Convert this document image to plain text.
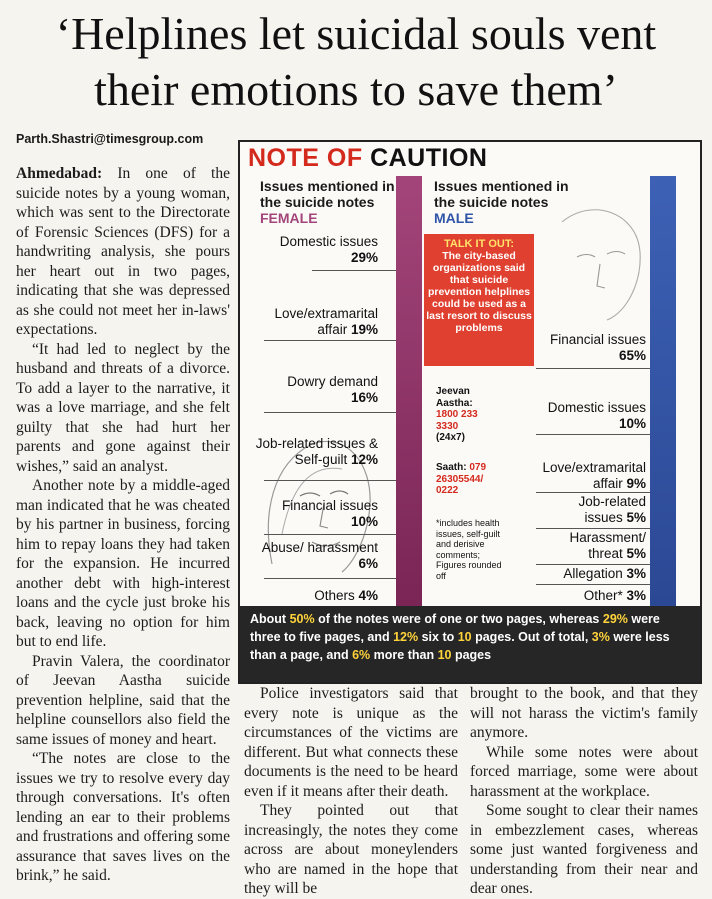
‘Helplines let suicidal souls vent
their emotions to save them’
Parth.Shastri@timesgroup.com

Ahmedabad: In one of the suicide notes by a young woman, which was sent to the Directorate of Forensic Sciences (DFS) for a handwriting analysis, she pours her heart out in two pages, indicating that she was depressed as she could not meet her in-laws' expectations.

“It had led to neglect by the husband and threats of a divorce. To add a layer to the narrative, it was a love marriage, and she felt guilty that she had hurt her parents and gone against their wishes,” said an analyst.

Another note by a middle-aged man indicated that he was cheated by his partner in business, forcing him to repay loans they had taken for the expansion. He incurred another debt with high-interest loans and the cycle just broke his back, leaving no option for him but to end life.

Pravin Valera, the coordinator of Jeevan Aastha suicide prevention helpline, said that the helpline counsellors also field the same issues of money and heart.

“The notes are close to the issues we try to resolve every day through conversations. It's often lending an ear to their problems and frustrations and offering some assurance that saves lives on the brink,” he said.

NOTE OF CAUTION
Issues mentioned in the suicide notes FEMALE
Issues mentioned in the suicide notes MALE
Domestic issues 29%
Love/extramarital affair 19%
Dowry demand 16%
Job-related issues & Self-guilt 12%
Financial issues 10%
Abuse/ harassment 6%
Others 4%
TALK IT OUT:
The city-based organizations said that suicide prevention helplines could be used as a last resort to discuss problems
Jeevan Aastha:
1800 233 3330
(24x7)
Saath: 079 26305544/ 0222
*includes health issues, self-guilt and derisive comments; Figures rounded off
Financial issues 65%
Domestic issues 10%
Love/extramarital affair 9%
Job-related issues 5%
Harassment/ threat 5%
Allegation 3%
Other* 3%
About 50% of the notes were of one or two pages, whereas 29% were three to five pages, and 12% six to 10 pages. Out of total, 3% were less than a page, and 6% more than 10 pages

Police investigators said that every note is unique as the circumstances of the victims are different. But what connects these documents is the need to be heard even if it means after their death.

They pointed out that increasingly, the notes they come across are about moneylenders who are named in the hope that they will be

brought to the book, and that they will not harass the victim's family anymore.

While some notes were about forced marriage, some were about harassment at the workplace.

Some sought to clear their names in embezzlement cases, whereas some just wanted forgiveness and understanding from their near and dear ones.
